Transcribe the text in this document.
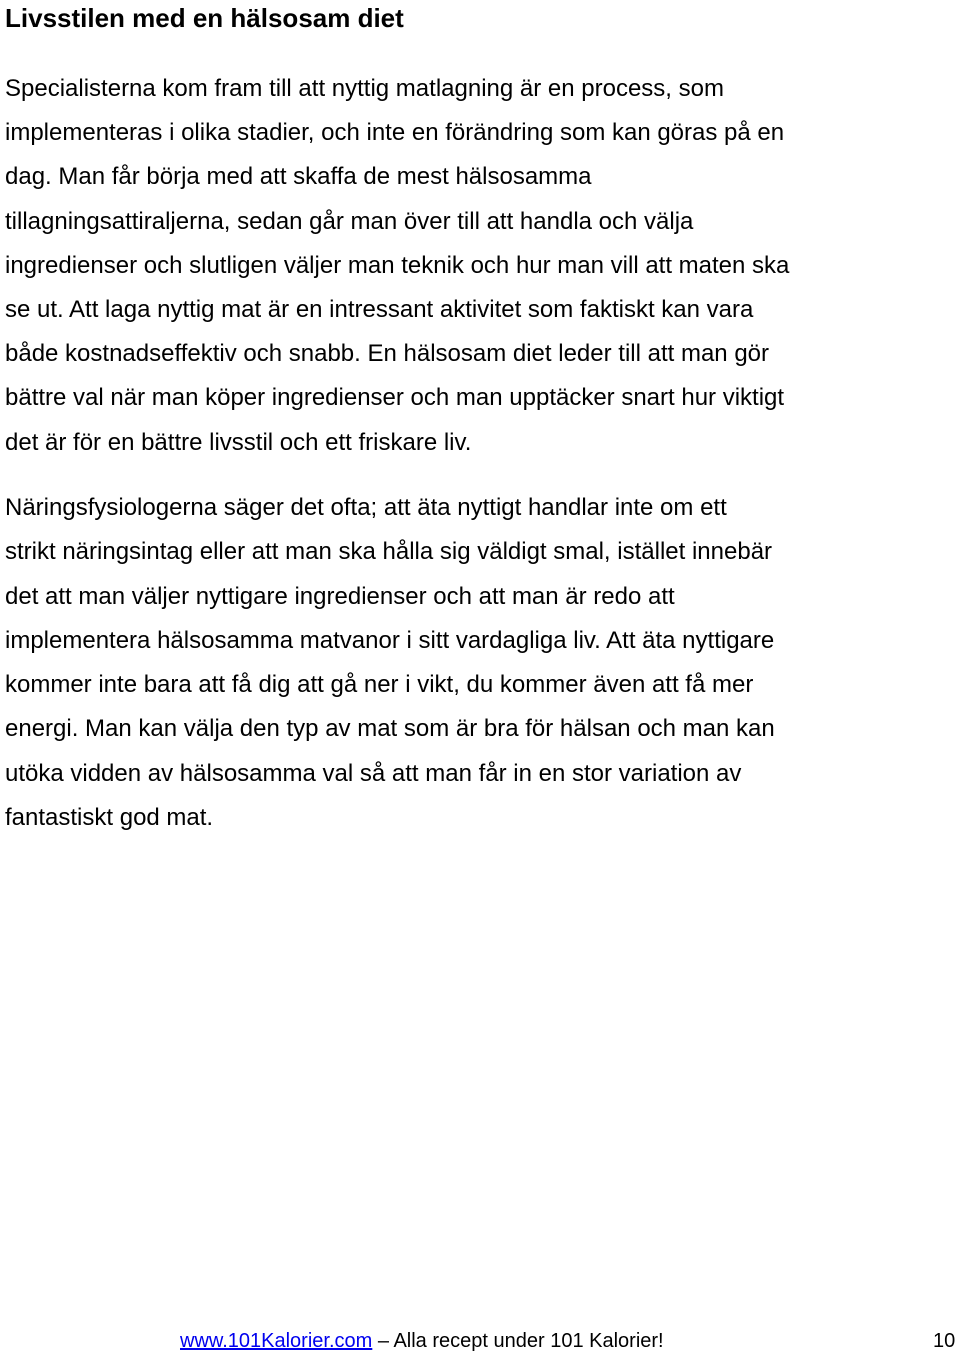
Livsstilen med en hälsosam diet

Specialisterna kom fram till att nyttig matlagning är en process, som
implementeras i olika stadier, och inte en förändring som kan göras på en
dag. Man får börja med att skaffa de mest hälsosamma
tillagningsattiraljerna, sedan går man över till att handla och välja
ingredienser och slutligen väljer man teknik och hur man vill att maten ska
se ut. Att laga nyttig mat är en intressant aktivitet som faktiskt kan vara
både kostnadseffektiv och snabb. En hälsosam diet leder till att man gör
bättre val när man köper ingredienser och man upptäcker snart hur viktigt
det är för en bättre livsstil och ett friskare liv.

Näringsfysiologerna säger det ofta; att äta nyttigt handlar inte om ett
strikt näringsintag eller att man ska hålla sig väldigt smal, istället innebär
det att man väljer nyttigare ingredienser och att man är redo att
implementera hälsosamma matvanor i sitt vardagliga liv. Att äta nyttigare
kommer inte bara att få dig att gå ner i vikt, du kommer även att få mer
energi. Man kan välja den typ av mat som är bra för hälsan och man kan
utöka vidden av hälsosamma val så att man får in en stor variation av
fantastiskt god mat.

www.101Kalorier.com – Alla recept under 101 Kalorier!	10
